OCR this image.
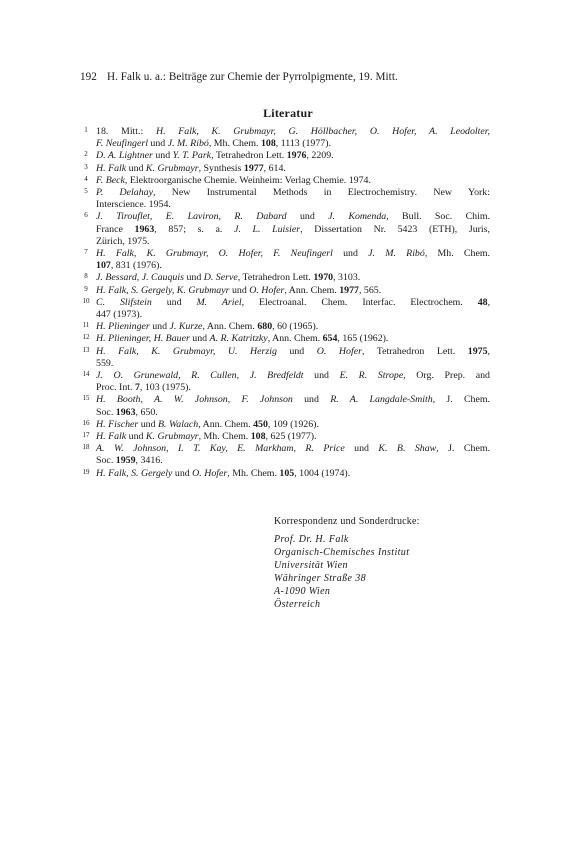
192 H. Falk u. a.: Beiträge zur Chemie der Pyrrolpigmente, 19. Mitt.
Literatur
1 18. Mitt.: H. Falk, K. Grubmayr, G. Höllbacher, O. Hofer, A. Leodolter,
F. Neufingerl und J. M. Ribó, Mh. Chem. 108, 1113 (1977).
2 D. A. Lightner und Y. T. Park, Tetrahedron Lett. 1976, 2209.
3 H. Falk und K. Grubmayr, Synthesis 1977, 614.
4 F. Beck, Elektroorganische Chemie. Weinheim: Verlag Chemie. 1974.
5 P. Delahay, New Instrumental Methods in Electrochemistry. New York:
Interscience. 1954.
6 J. Tirouflet, E. Laviron, R. Dabard und J. Komenda, Bull. Soc. Chim.
France 1963, 857; s. a. J. L. Luisier, Dissertation Nr. 5423 (ETH), Juris,
Zürich, 1975.
7 H. Falk, K. Grubmayr, O. Hofer, F. Neufingerl und J. M. Ribó, Mh. Chem.
107, 831 (1976).
8 J. Bessard, J. Cauquis und D. Serve, Tetrahedron Lett. 1970, 3103.
9 H. Falk, S. Gergely, K. Grubmayr und O. Hofer, Ann. Chem. 1977, 565.
10 C. Slifstein und M. Ariel, Electroanal. Chem. Interfac. Electrochem. 48,
447 (1973).
11 H. Plieninger und J. Kurze, Ann. Chem. 680, 60 (1965).
12 H. Plieninger, H. Bauer und A. R. Katritzky, Ann. Chem. 654, 165 (1962).
13 H. Falk, K. Grubmayr, U. Herzig und O. Hofer, Tetrahedron Lett. 1975,
559.
14 J. O. Grunewald, R. Cullen, J. Bredfeldt und E. R. Strope, Org. Prep. and
Proc. Int. 7, 103 (1975).
15 H. Booth, A. W. Johnson, F. Johnson und R. A. Langdale-Smith, J. Chem.
Soc. 1963, 650.
16 H. Fischer und B. Walach, Ann. Chem. 450, 109 (1926).
17 H. Falk und K. Grubmayr, Mh. Chem. 108, 625 (1977).
18 A. W. Johnson, I. T. Kay, E. Markham, R. Price und K. B. Shaw, J. Chem.
Soc. 1959, 3416.
19 H. Falk, S. Gergely und O. Hofer, Mh. Chem. 105, 1004 (1974).
Korrespondenz und Sonderdrucke:
Prof. Dr. H. Falk
Organisch-Chemisches Institut
Universität Wien
Währinger Straße 38
A-1090 Wien
Österreich
